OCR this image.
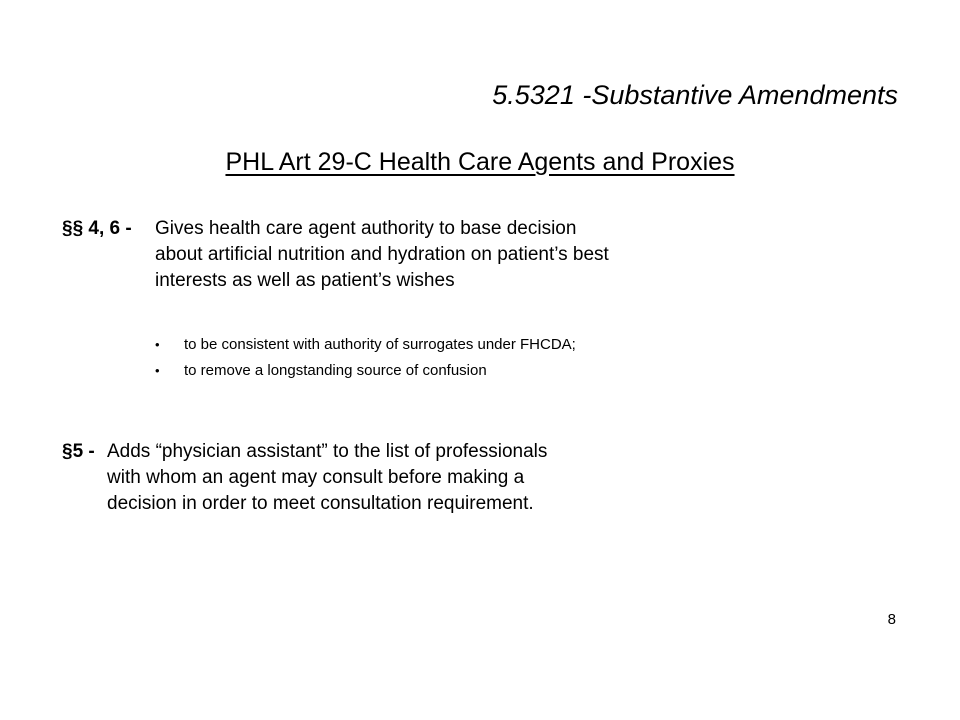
5.5321 -Substantive Amendments
PHL Art 29-C Health Care Agents and Proxies
§§ 4, 6 -	Gives health care agent authority to base decision
about artificial nutrition and hydration on patient’s best
interests as well as patient’s wishes
•	to be consistent with authority of surrogates under FHCDA;
•	to remove a longstanding source of confusion
§5 - Adds “physician assistant” to the list of professionals
with whom an agent may consult before making a
decision in order to meet consultation requirement.
8
